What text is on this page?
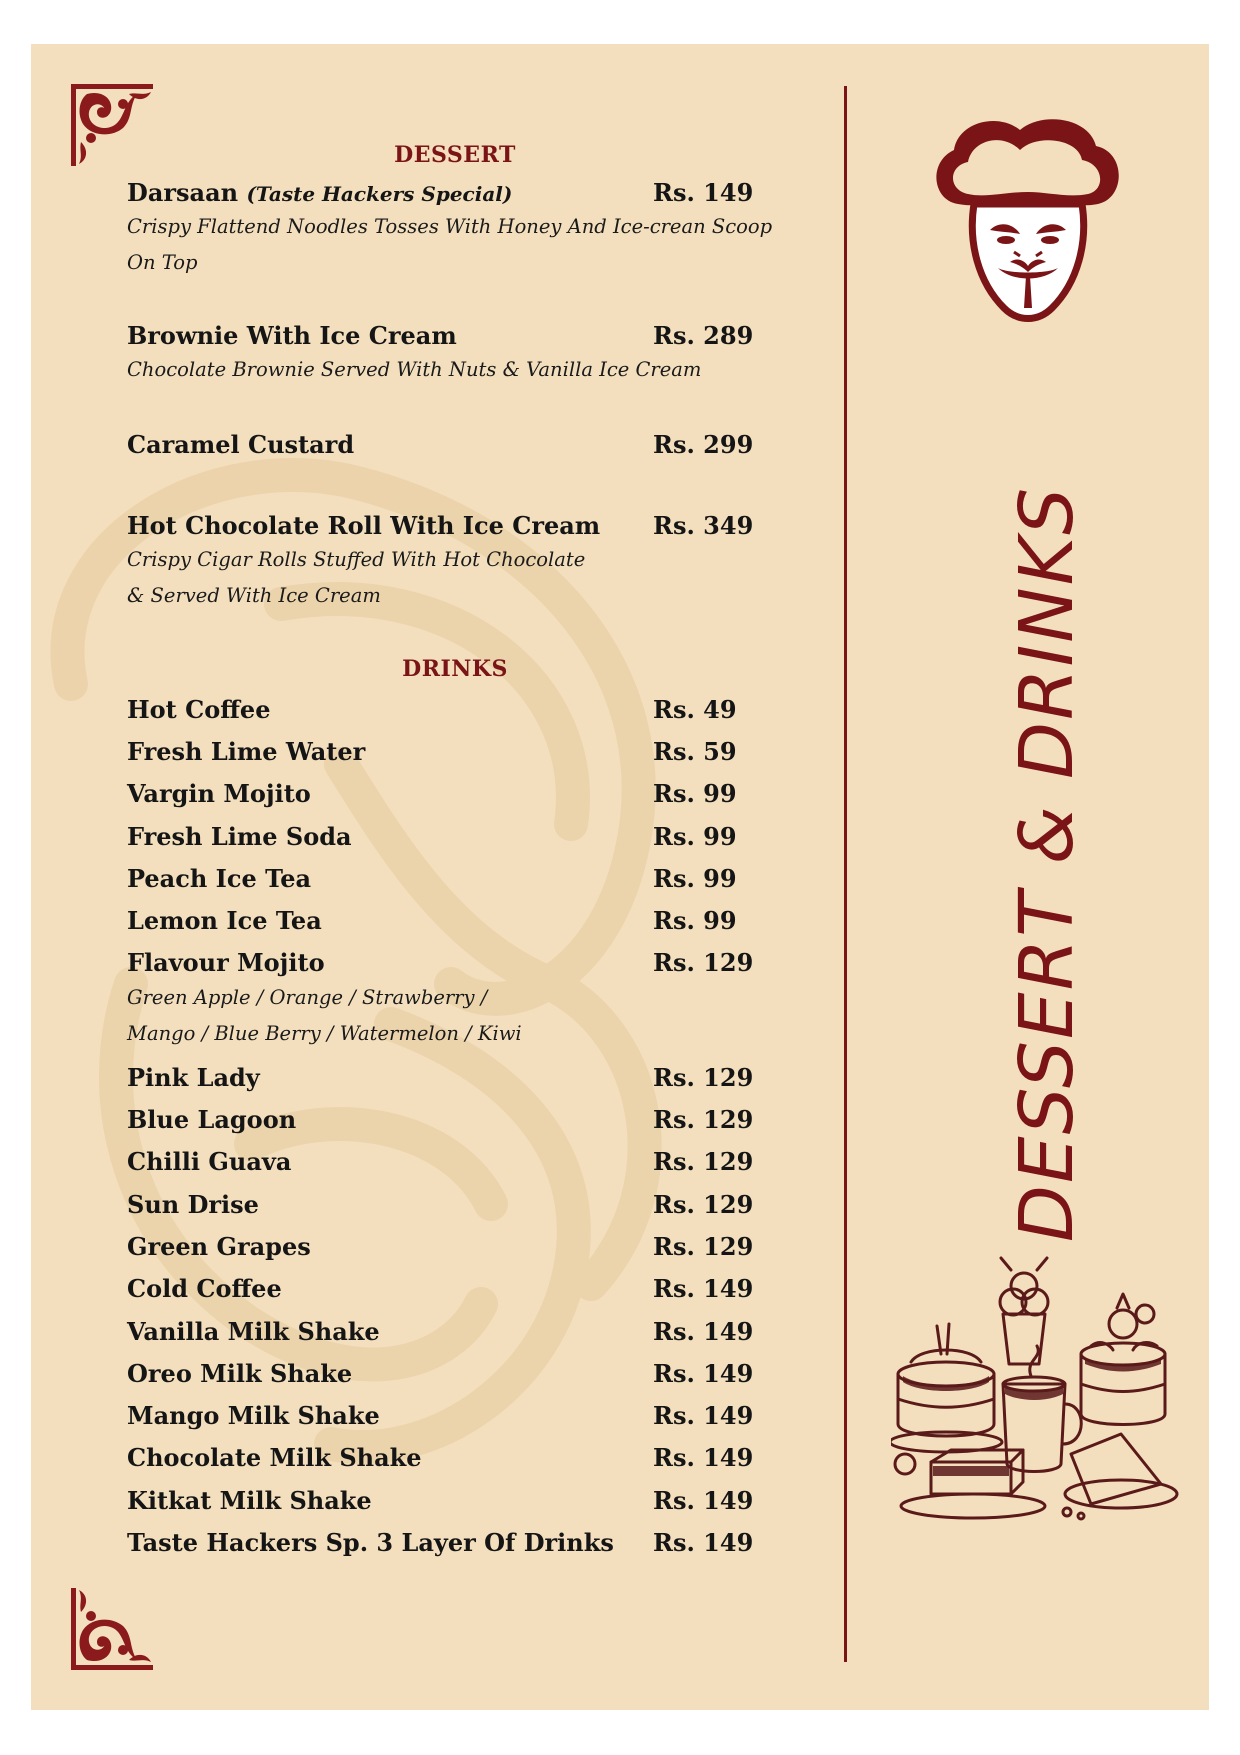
DESSERT
Darsaan (Taste Hackers Special)	Rs. 149
Crispy Flattend Noodles Tosses With Honey And Ice-crean Scoop
On Top
Brownie With Ice Cream	Rs. 289
Chocolate Brownie Served With Nuts & Vanilla Ice Cream
Caramel Custard	Rs. 299
Hot Chocolate Roll With Ice Cream Rs. 349
Crispy Cigar Rolls Stuffed With Hot Chocolate
& Served With Ice Cream
DRINKS
Hot Coffee	Rs. 49
Fresh Lime Water	Rs. 59
Vargin Mojito	Rs. 99
Fresh Lime Soda	Rs. 99
Peach Ice Tea	Rs. 99
Lemon Ice Tea	Rs. 99
Flavour Mojito	Rs. 129
Green Apple / Orange / Strawberry /
Mango / Blue Berry / Watermelon / Kiwi
Pink Lady	Rs. 129
Blue Lagoon	Rs. 129
Chilli Guava	Rs. 129
Sun Drise	Rs. 129
Green Grapes	Rs. 129
Cold Coffee	Rs. 149
Vanilla Milk Shake	Rs. 149
Oreo Milk Shake	Rs. 149
Mango Milk Shake	Rs. 149
Chocolate Milk Shake	Rs. 149
Kitkat Milk Shake	Rs. 149
Taste Hackers Sp. 3 Layer Of Drinks Rs. 149
DESSERT & DRINKS
